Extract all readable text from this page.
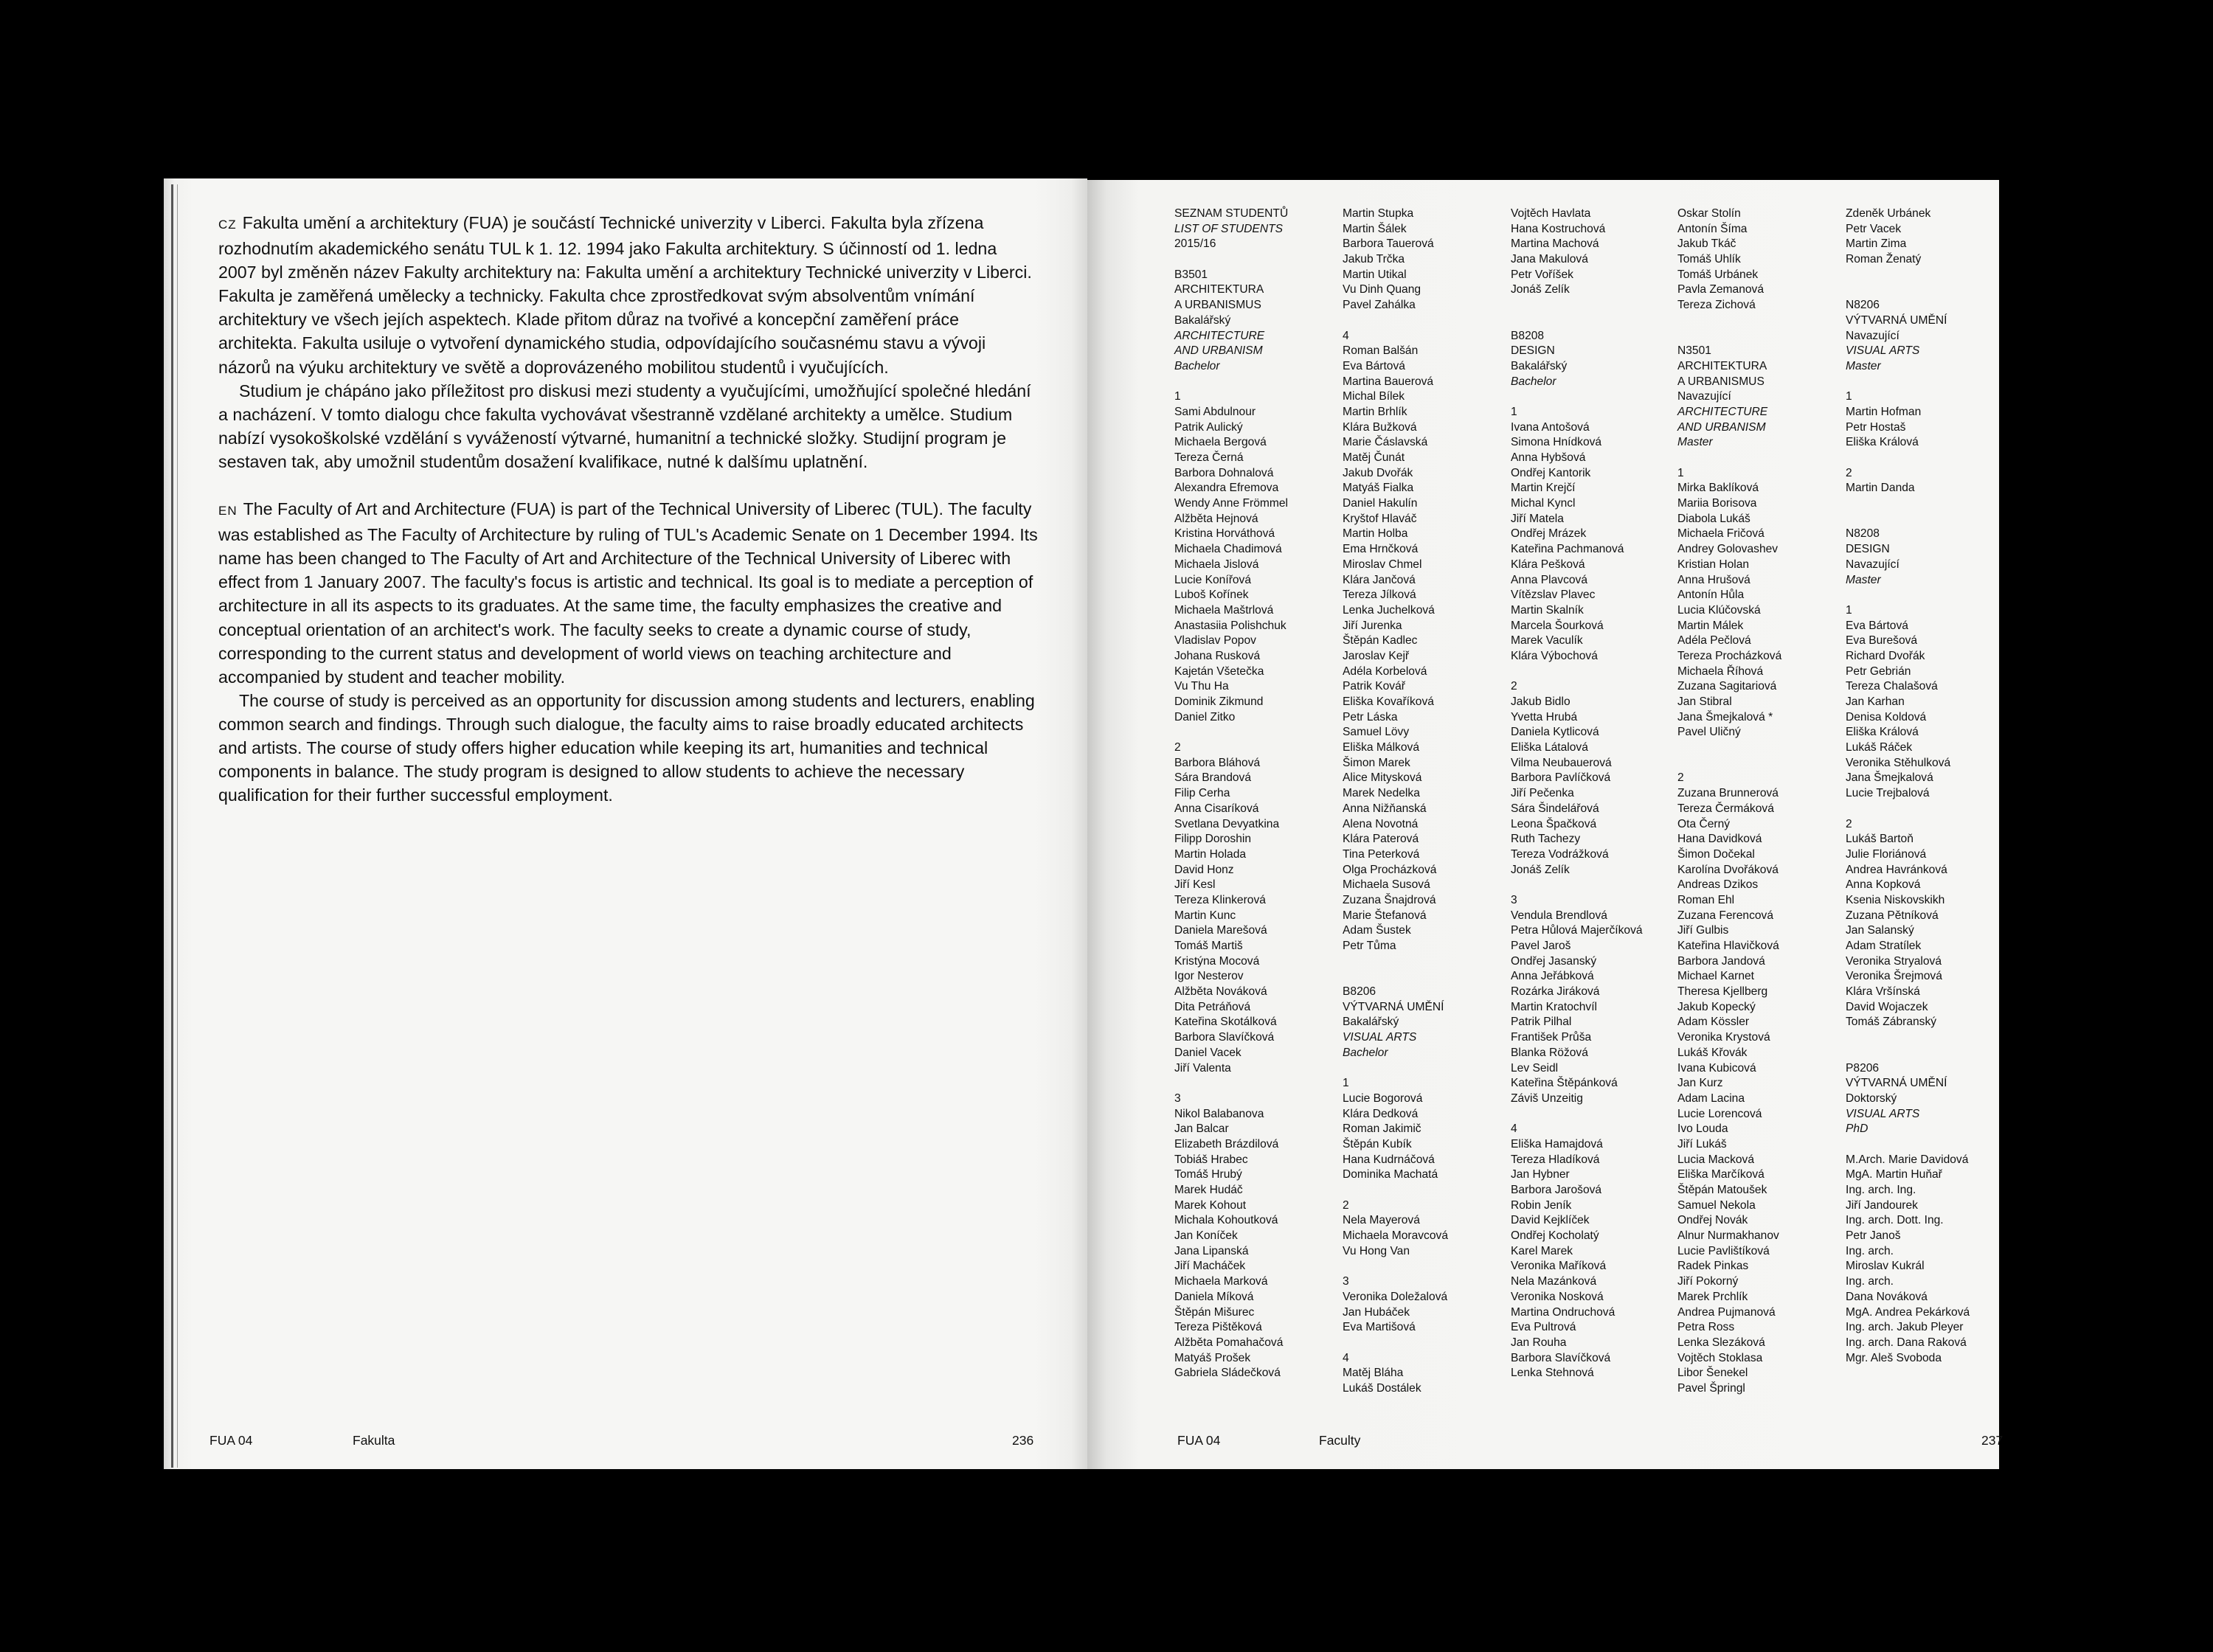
CZ Fakulta umění a architektury (FUA) je součástí Technické univerzity v Liberci. Fakulta byla zřízena rozhodnutím akademického senátu TUL k 1. 12. 1994 jako Fakulta architektury. S účinností od 1. ledna 2007 byl změněn název Fakulty architektury na: Fakulta umění a architektury Technické univerzity v Liberci. Fakulta je zaměřená umělecky a technicky. Fakulta chce zprostředkovat svým absolventům vnímání architektury ve všech jejích aspektech. Klade přitom důraz na tvořivé a koncepční zaměření práce architekta. Fakulta usiluje o vytvoření dynamického studia, odpovídajícího současnému stavu a vývoji názorů na výuku architektury ve světě a doprovázeného mobilitou studentů i vyučujících.

Studium je chápáno jako příležitost pro diskusi mezi studenty a vyučujícími, umožňující společné hledání a nacházení. V tomto dialogu chce fakulta vychovávat všestranně vzdělané architekty a umělce. Studium nabízí vysokoškolské vzdělání s vyvážeností výtvarné, humanitní a technické složky. Studijní program je sestaven tak, aby umožnil studentům dosažení kvalifikace, nutné k dalšímu uplatnění.

EN The Faculty of Art and Architecture (FUA) is part of the Technical University of Liberec (TUL). The faculty was established as The Faculty of Architecture by ruling of TUL's Academic Senate on 1 December 1994. Its name has been changed to The Faculty of Art and Architecture of the Technical University of Liberec with effect from 1 January 2007. The faculty's focus is artistic and technical. Its goal is to mediate a perception of architecture in all its aspects to its graduates. At the same time, the faculty emphasizes the creative and conceptual orientation of an architect's work. The faculty seeks to create a dynamic course of study, corresponding to the current status and development of world views on teaching architecture and accompanied by student and teacher mobility.

The course of study is perceived as an opportunity for discussion among students and lecturers, enabling common search and findings. Through such dialogue, the faculty aims to raise broadly educated architects and artists. The course of study offers higher education while keeping its art, humanities and technical components in balance. The study program is designed to allow students to achieve the necessary qualification for their further successful employment.

SEZNAM STUDENTŮ
LIST OF STUDENTS
2015/16
B3501
ARCHITEKTURA
A URBANISMUS
Bakalářský
ARCHITECTURE
AND URBANISM
Bachelor
1
Sami Abdulnour
Patrik Aulický
Michaela Bergová
Tereza Černá
Barbora Dohnalová
Alexandra Efremova
Wendy Anne Frömmel
Alžběta Hejnová
Kristina Horváthová
Michaela Chadimová
Michaela Jislová
Lucie Konířová
Luboš Kořínek
Michaela Maštrlová
Anastasiia Polishchuk
Vladislav Popov
Johana Rusková
Kajetán Všetečka
Vu Thu Ha
Dominik Zikmund
Daniel Zitko
2
Barbora Bláhová
Sára Brandová
Filip Cerha
Anna Cisaríková
Svetlana Devyatkina
Filipp Doroshin
Martin Holada
David Honz
Jiří Kesl
Tereza Klinkerová
Martin Kunc
Daniela Marešová
Tomáš Martiš
Kristýna Mocová
Igor Nesterov
Alžběta Nováková
Dita Petráňová
Kateřina Skotálková
Barbora Slavíčková
Daniel Vacek
Jiří Valenta
3
Nikol Balabanova
Jan Balcar
Elizabeth Brázdilová
Tobiáš Hrabec
Tomáš Hrubý
Marek Hudáč
Marek Kohout
Michala Kohoutková
Jan Koníček
Jana Lipanská
Jiří Macháček
Michaela Marková
Daniela Míková
Štěpán Mišurec
Tereza Pištěková
Alžběta Pomahačová
Matyáš Prošek
Gabriela Sládečková
Martin Stupka
Martin Šálek
Barbora Tauerová
Jakub Trčka
Martin Utikal
Vu Dinh Quang
Pavel Zahálka
4
Roman Balšán
Eva Bártová
Martina Bauerová
Michal Bílek
Martin Brhlík
Klára Bužková
Marie Čáslavská
Matěj Čunát
Jakub Dvořák
Matyáš Fialka
Daniel Hakulín
Kryštof Hlaváč
Martin Holba
Ema Hrnčková
Miroslav Chmel
Klára Jančová
Tereza Jílková
Lenka Juchelková
Jiří Jurenka
Štěpán Kadlec
Jaroslav Kejř
Adéla Korbelová
Patrik Kovář
Eliška Kovaříková
Petr Láska
Samuel Lövy
Eliška Málková
Šimon Marek
Alice Mitysková
Marek Nedelka
Anna Nižňanská
Alena Novotná
Klára Paterová
Tina Peterková
Olga Procházková
Michaela Susová
Zuzana Šnajdrová
Marie Štefanová
Adam Šustek
Petr Tůma
B8206
VÝTVARNÁ UMĚNÍ
Bakalářský
VISUAL ARTS
Bachelor
1
Lucie Bogorová
Klára Dedková
Roman Jakimič
Štěpán Kubík
Hana Kudrnáčová
Dominika Machatá
2
Nela Mayerová
Michaela Moravcová
Vu Hong Van
3
Veronika Doležalová
Jan Hubáček
Eva Martišová
4
Matěj Bláha
Lukáš Dostálek
Vojtěch Havlata
Hana Kostruchová
Martina Machová
Jana Makulová
Petr Voříšek
Jonáš Zelík
B8208
DESIGN
Bakalářský
Bachelor
1
Ivana Antošová
Simona Hnídková
Anna Hybšová
Ondřej Kantorik
Martin Krejčí
Michal Kyncl
Jiří Matela
Ondřej Mrázek
Kateřina Pachmanová
Klára Pešková
Anna Plavcová
Vítězslav Plavec
Martin Skalník
Marcela Šourková
Marek Vaculík
Klára Výbochová
2
Jakub Bidlo
Yvetta Hrubá
Daniela Kytlicová
Eliška Látalová
Vilma Neubauerová
Barbora Pavlíčková
Jiří Pečenka
Sára Šindelářová
Leona Špačková
Ruth Tachezy
Tereza Vodrážková
Jonáš Zelík
3
Vendula Brendlová
Petra Hůlová Majerčíková
Pavel Jaroš
Ondřej Jasanský
Anna Jeřábková
Rozárka Jiráková
Martin Kratochvíl
Patrik Pilhal
František Průša
Blanka Röžová
Lev Seidl
Kateřina Štěpánková
Záviš Unzeitig
4
Eliška Hamajdová
Tereza Hladíková
Jan Hybner
Barbora Jarošová
Robin Jeník
David Kejklíček
Ondřej Kocholatý
Karel Marek
Veronika Maříková
Nela Mazánková
Veronika Nosková
Martina Ondruchová
Eva Pultrová
Jan Rouha
Barbora Slavíčková
Lenka Stehnová
Oskar Stolín
Antonín Šíma
Jakub Tkáč
Tomáš Uhlík
Tomáš Urbánek
Pavla Zemanová
Tereza Zichová
N3501
ARCHITEKTURA
A URBANISMUS
Navazující
ARCHITECTURE
AND URBANISM
Master
1
Mirka Baklíková
Mariia Borisova
Diabola Lukáš
Michaela Fričová
Andrey Golovashev
Kristian Holan
Anna Hrušová
Antonín Hůla
Lucia Klúčovská
Martin Málek
Adéla Pečlová
Tereza Procházková
Michaela Říhová
Zuzana Sagitariová
Jan Stibral
Jana Šmejkalová *
Pavel Uličný
2
Zuzana Brunnerová
Tereza Čermáková
Ota Černý
Hana Davidková
Šimon Dočekal
Karolína Dvořáková
Andreas Dzikos
Roman Ehl
Zuzana Ferencová
Jiří Gulbis
Kateřina Hlavičková
Barbora Jandová
Michael Karnet
Theresa Kjellberg
Jakub Kopecký
Adam Kössler
Veronika Krystová
Lukáš Křovák
Ivana Kubicová
Jan Kurz
Adam Lacina
Lucie Lorencová
Ivo Louda
Jiří Lukáš
Lucia Macková
Eliška Marčíková
Štěpán Matoušek
Samuel Nekola
Ondřej Novák
Alnur Nurmakhanov
Lucie Pavlištíková
Radek Pinkas
Jiří Pokorný
Marek Prchlík
Andrea Pujmanová
Petra Ross
Lenka Slezáková
Vojtěch Stoklasa
Libor Šenekel
Pavel Špringl
Zdeněk Urbánek
Petr Vacek
Martin Zima
Roman Ženatý
N8206
VÝTVARNÁ UMĚNÍ
Navazující
VISUAL ARTS
Master
1
Martin Hofman
Petr Hostaš
Eliška Králová
2
Martin Danda
N8208
DESIGN
Navazující
Master
1
Eva Bártová
Eva Burešová
Richard Dvořák
Petr Gebrián
Tereza Chalašová
Jan Karhan
Denisa Koldová
Eliška Králová
Lukáš Ráček
Veronika Stěhulková
Jana Šmejkalová
Lucie Trejbalová
2
Lukáš Bartoň
Julie Floriánová
Andrea Havránková
Anna Kopková
Ksenia Niskovskikh
Zuzana Pětníková
Jan Salanský
Adam Stratílek
Veronika Stryalová
Veronika Šrejmová
Klára Vršínská
David Wojaczek
Tomáš Zábranský
P8206
VÝTVARNÁ UMĚNÍ
Doktorský
VISUAL ARTS
PhD
M.Arch. Marie Davidová
MgA. Martin Huňař
Ing. arch. Ing.
Jiří Jandourek
Ing. arch. Dott. Ing.
Petr Janoš
Ing. arch.
Miroslav Kukrál
Ing. arch.
Dana Nováková
MgA. Andrea Pekárková
Ing. arch. Jakub Pleyer
Ing. arch. Dana Raková
Mgr. Aleš Svoboda
FUA 04	Fakulta	236	FUA 04	Faculty	237
